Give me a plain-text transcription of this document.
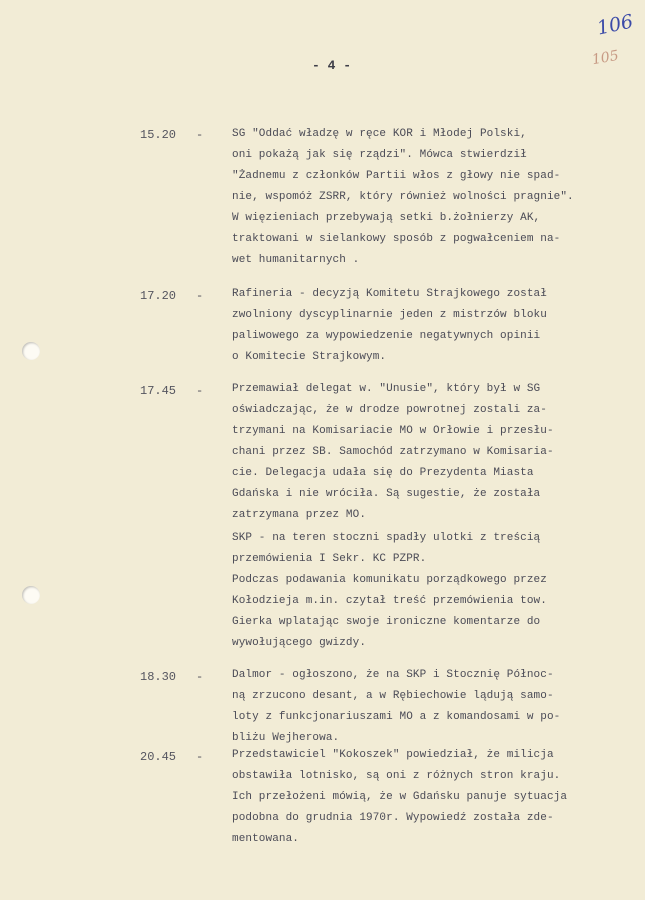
106
105
- 4 -
15.20 -	SG "Oddać władzę w ręce KOR i Młodej Polski,
oni pokażą jak się rządzi". Mówca stwierdził
"Żadnemu z członków Partii włos z głowy nie spad-
nie, wspomóż ZSRR, który również wolności pragnie".
W więzieniach przebywają setki b.żołnierzy AK,
traktowani w sielankowy sposób z pogwałceniem na-
wet humanitarnych .
17.20 -	Rafineria - decyzją Komitetu Strajkowego został
zwolniony dyscyplinarnie jeden z mistrzów bloku
paliwowego za wypowiedzenie negatywnych opinii
o Komitecie Strajkowym.
17.45 -	Przemawiał delegat w. "Unusie", który był w SG
oświadczając, że w drodze powrotnej zostali za-
trzymani na Komisariacie MO w Orłowie i przesłu-
chani przez SB. Samochód zatrzymano w Komisaria-
cie. Delegacja udała się do Prezydenta Miasta
Gdańska i nie wróciła. Są sugestie, że została
zatrzymana przez MO.
SKP - na teren stoczni spadły ulotki z treścią
przemówienia I Sekr. KC PZPR.
Podczas podawania komunikatu porządkowego przez
Kołodzieja m.in. czytał treść przemówienia tow.
Gierka wplatając swoje ironiczne komentarze do
wywołującego gwizdy.
18.30 -	Dalmor - ogłoszono, że na SKP i Stocznię Północ-
ną zrzucono desant, a w Rębiechowie lądują samo-
loty z funkcjonariuszami MO a z komandosami w po-
bliżu Wejherowa.
20.45 -	Przedstawiciel "Kokoszek" powiedział, że milicja
obstawiła lotnisko, są oni z różnych stron kraju.
Ich przełożeni mówią, że w Gdańsku panuje sytuacja
podobna do grudnia 1970r. Wypowiedź została zde-
mentowana.
